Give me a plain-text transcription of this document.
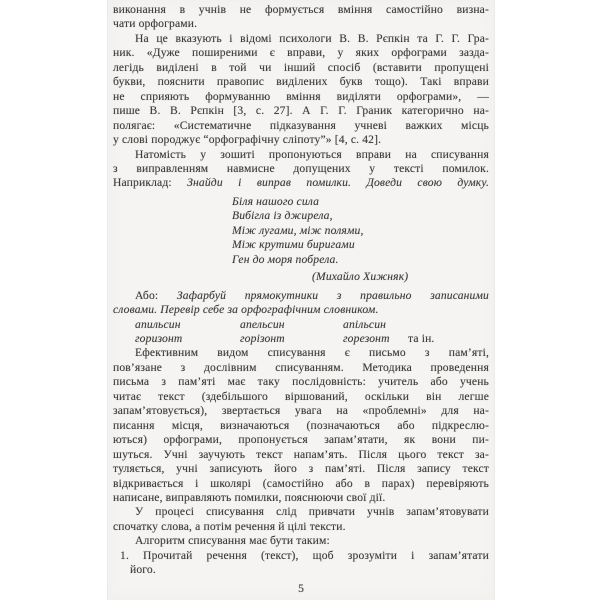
виконання в учнів не формується вміння самостійно визна-
чати орфограми.
На це вказують і відомі психологи В. В. Рєпкін та Г. Г. Гра-
ник. «Дуже поширеними є вправи, у яких орфограми зазда-
легідь виділені в той чи інший спосіб (вставити пропущені
букви, пояснити правопис виділених букв тощо). Такі вправи
не сприяють формуванню вміння виділяти орфограми», —
пише В. В. Рєпкін [3, с. 27]. А Г. Г. Граник категорично на-
полягає: «Систематичне підказування учневі важких місць
у слові породжує “орфографічну сліпоту”» [4, с. 42].
Натомість у зошиті пропонуються вправи на списування
з виправленням навмисне допущених у тексті помилок.
Наприклад: Знайди і виправ помилки. Доведи свою думку.
Біля нашого сила
Вибігла із джирела,
Між лугами, між полями,
Між крутими биригами
Ген до моря побрела.
(Михайло Хижняк)
Або: Зафарбуй прямокутники з правильно записаними
словами. Перевір себе за орфографічним словником.
апильсин	апельсин	апільсин
горизонт	горізонт	горезонт та ін.
Ефективним видом списування є письмо з пам’яті,
пов’язане з дослівним списуванням. Методика проведення
письма з пам’яті має таку послідовність: учитель або учень
читає текст (здебільшого віршований, оскільки він легше
запам’ятовується), звертається увага на «проблемні» для на-
писання місця, визначаються (позначаються або підкреслю-
ються) орфограми, пропонується запам’ятати, як вони пи-
шуться. Учні заучують текст напам’ять. Після цього текст за-
туляється, учні записують його з пам’яті. Після запису текст
відкривається і школярі (самостійно або в парах) перевіряють
написане, виправляють помилки, пояснюючи свої дії.
У процесі списування слід привчати учнів запам’ятовувати
спочатку слова, а потім речення й цілі тексти.
Алгоритм списування має бути таким:
1. Прочитай речення (текст), щоб зрозуміти і запам’ятати
його.
5
